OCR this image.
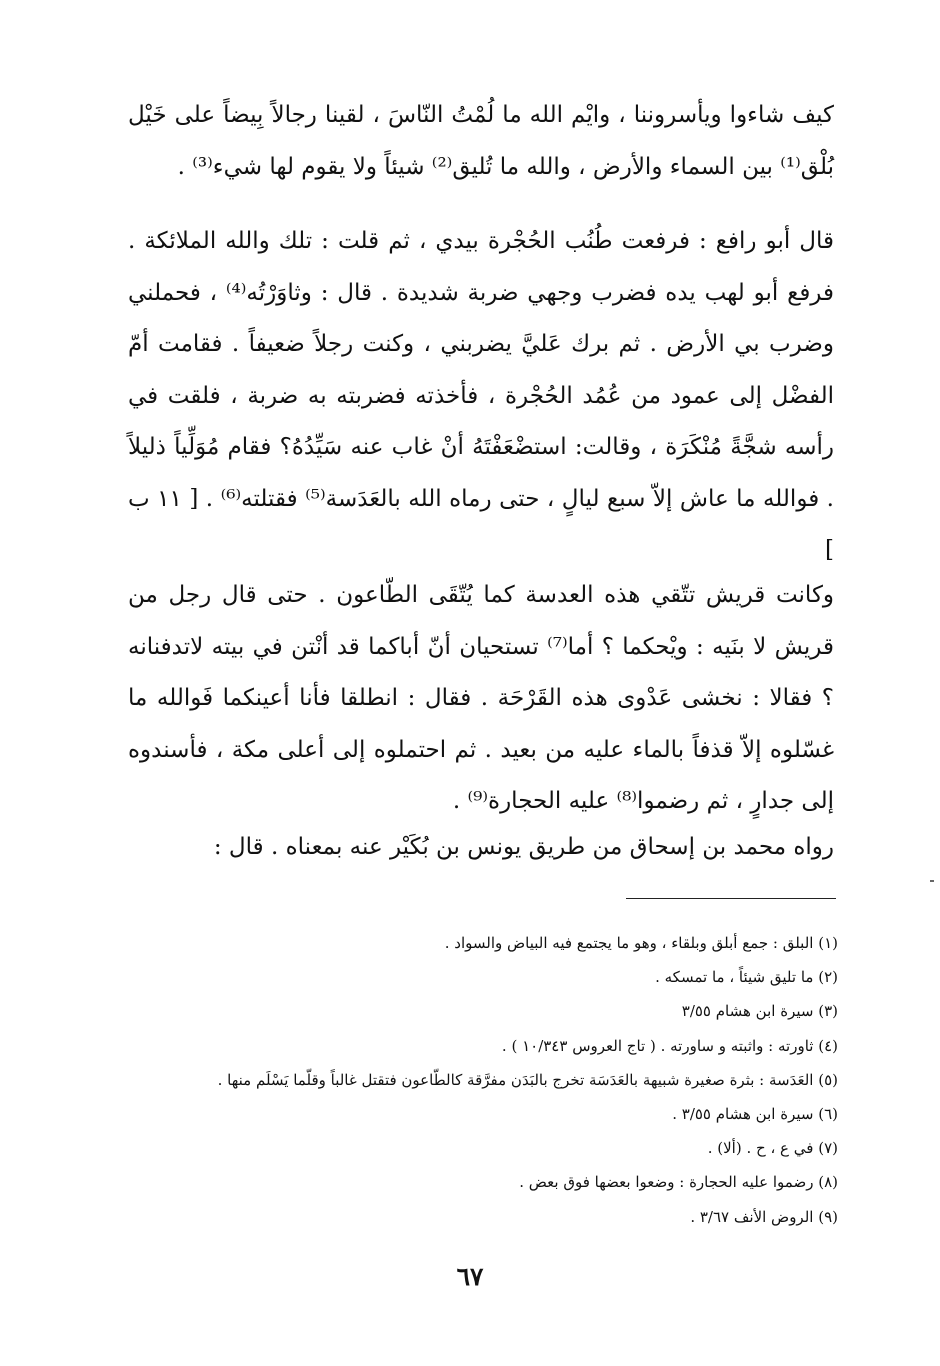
كيف شاءوا ويأسروننا ، وايْم الله ما لُمْتُ النّاسَ ، لقينا رجالاً بِيضاً على خَيْل بُلْق⁽¹⁾ بين السماء والأرض ، والله ما تُليق⁽²⁾ شيئاً ولا يقوم لها شيء⁽³⁾ .

قال أبو رافع : فرفعت طُنُب الحُجْرة بيدي ، ثم قلت : تلك والله الملائكة . فرفع أبو لهب يده فضرب وجهي ضربة شديدة . قال : وثاوَرْتُه⁽⁴⁾ ، فحملني وضرب بي الأرض . ثم برك عَليَّ يضربني ، وكنت رجلاً ضعيفاً . فقامت أمّ الفضْل إلى عمود من عُمُد الحُجْرة ، فأخذته فضربته به ضربة ، فلقت في رأسه شجَّةً مُنْكَرَة ، وقالت: استضْعَفْتَهُ أنْ غاب عنه سَيِّدُهُ؟ فقام مُوَلِّياً ذليلاً . فوالله ما عاش إلاّ سبع ليالٍ ، حتى رماه الله بالعَدَسة⁽⁵⁾ فقتلته⁽⁶⁾ . [ ١١ ب ]

وكانت قريش تتّقي هذه العدسة كما يُتّقَى الطّاعون . حتى قال رجل من قريش لا بنَيه : ويْحكما ؟ أما⁽⁷⁾ تستحيان أنّ أباكما قد أنْتن في بيته لاتدفنانه ؟ فقالا : نخشى عَدْوى هذه القَرْحَة . فقال : انطلقا فأنا أعينكما فَوالله ما غسّلوه إلاّ قذفاً بالماء عليه من بعيد . ثم احتملوه إلى أعلى مكة ، فأسندوه إلى جدارٍ ، ثم رضموا⁽⁸⁾ عليه الحجارة⁽⁹⁾ .

رواه محمد بن إسحاق من طريق يونس بن بُكَيْر عنه بمعناه . قال :

(١) البلق : جمع أبلق وبلقاء ، وهو ما يجتمع فيه البياض والسواد .
(٢) ما تليق شيئاً ، ما تمسكه .
(٣) سيرة ابن هشام ٣/٥٥
(٤) ثاورته : واثبته و ساورته . ( تاج العروس ١٠/٣٤٣ ) .
(٥) العَدَسة : بثرة صغيرة شبيهة بالعَدَسَة تخرج بالبَدَن مفرَّقة كالطّاعون فتقتل غالباً وقلّما يَسْلَم منها .
(٦) سيرة ابن هشام ٣/٥٥ .
(٧) في ع ، ح . (ألا) .
(٨) رضموا عليه الحجارة : وضعوا بعضها فوق بعض .
(٩) الروض الأنف ٣/٦٧ .
٦٧
